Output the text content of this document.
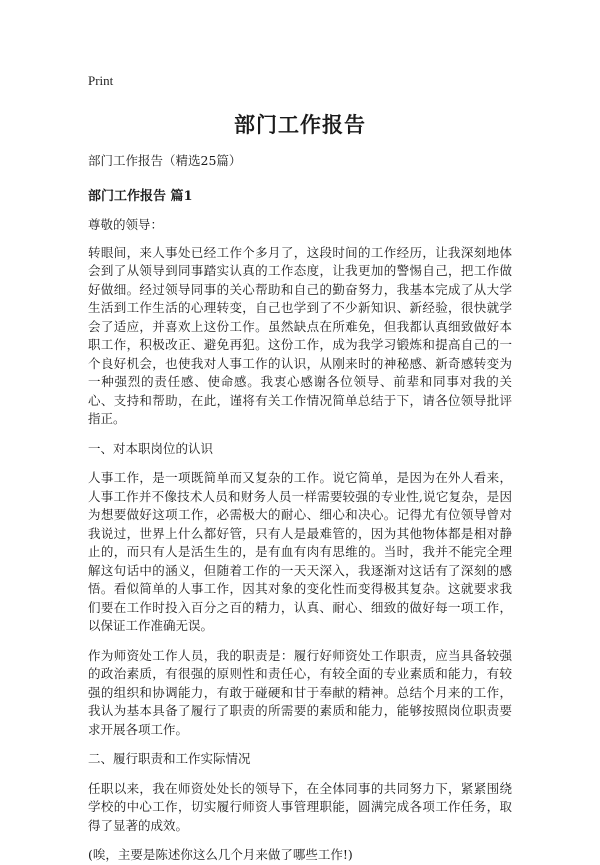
Print
部门工作报告

部门工作报告（精选25篇）

部门工作报告 篇1

尊敬的领导：

转眼间，来人事处已经工作个多月了，这段时间的工作经历，让我深刻地体会到了从领导到同事踏实认真的工作态度，让我更加的警惕自己，把工作做好做细。经过领导同事的关心帮助和自己的勤奋努力，我基本完成了从大学生活到工作生活的心理转变，自己也学到了不少新知识、新经验，很快就学会了适应，并喜欢上这份工作。虽然缺点在所难免，但我都认真细致做好本职工作，积极改正、避免再犯。这份工作，成为我学习锻炼和提高自己的一个良好机会，也使我对人事工作的认识，从刚来时的神秘感、新奇感转变为一种强烈的责任感、使命感。我衷心感谢各位领导、前辈和同事对我的关心、支持和帮助，在此，谨将有关工作情况简单总结于下，请各位领导批评指正。

一、对本职岗位的认识

人事工作，是一项既简单而又复杂的工作。说它简单，是因为在外人看来，人事工作并不像技术人员和财务人员一样需要较强的专业性,说它复杂，是因为想要做好这项工作，必需极大的耐心、细心和决心。记得尤有位领导曾对我说过，世界上什么都好管，只有人是最难管的，因为其他物体都是相对静止的，而只有人是活生生的，是有血有肉有思维的。当时，我并不能完全理解这句话中的涵义，但随着工作的一天天深入，我逐渐对这话有了深刻的感悟。看似简单的人事工作，因其对象的变化性而变得极其复杂。这就要求我们要在工作时投入百分之百的精力，认真、耐心、细致的做好每一项工作，以保证工作准确无误。

作为师资处工作人员，我的职责是：履行好师资处工作职责，应当具备较强的政治素质，有很强的原则性和责任心，有较全面的专业素质和能力，有较强的组织和协调能力，有敢于碰硬和甘于奉献的精神。总结个月来的工作，我认为基本具备了履行了职责的所需要的素质和能力，能够按照岗位职责要求开展各项工作。

二、履行职责和工作实际情况

任职以来，我在师资处处长的领导下，在全体同事的共同努力下，紧紧围绕学校的中心工作，切实履行师资人事管理职能，圆满完成各项工作任务，取得了显著的成效。

(唉，主要是陈述你这么几个月来做了哪些工作!)
